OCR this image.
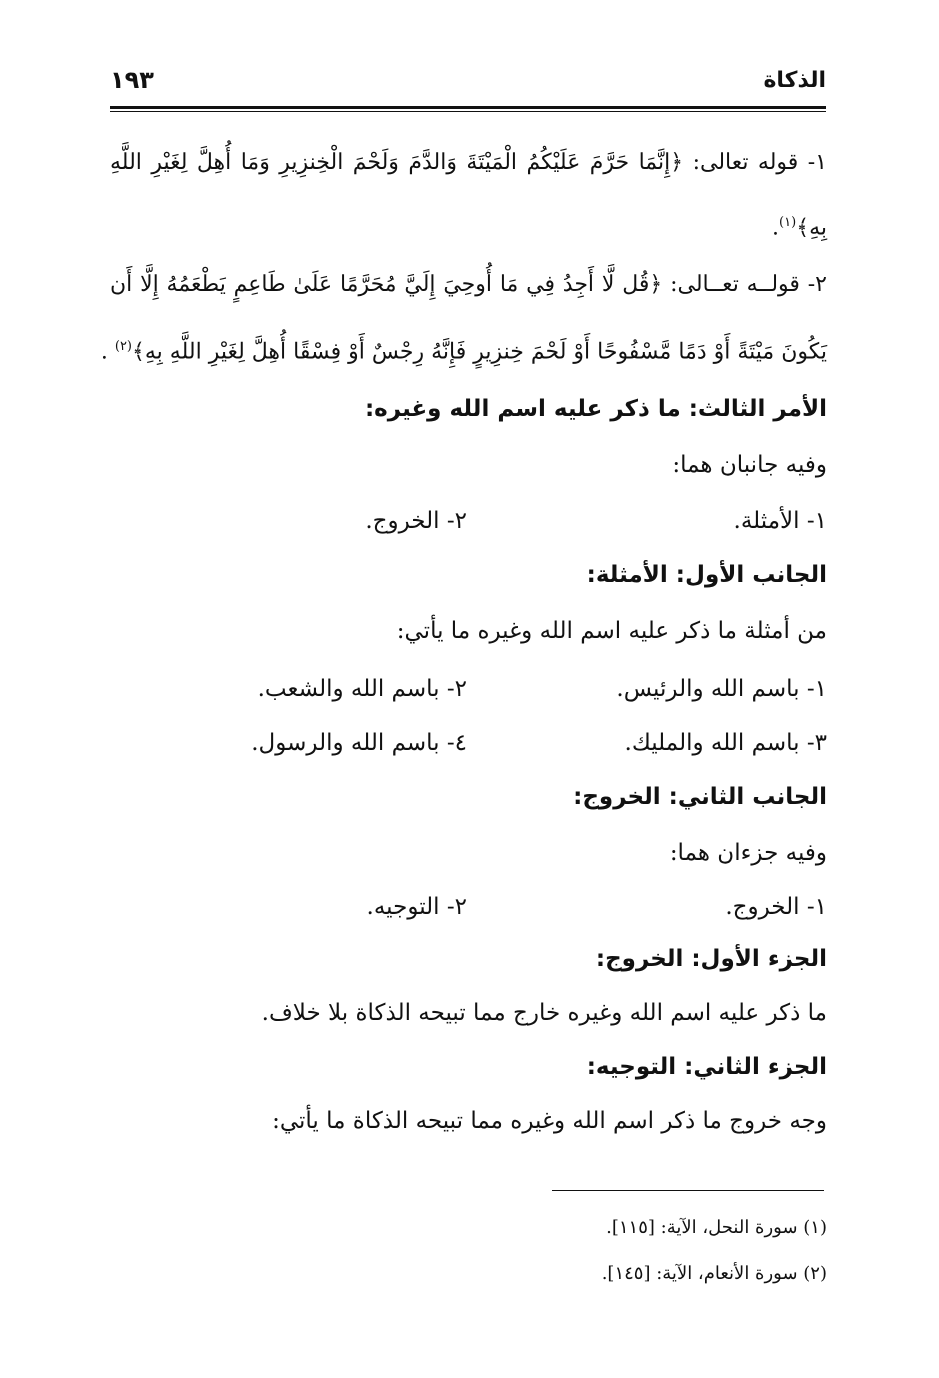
الذكاة
١٩٣
١- قوله تعالى: ﴿إِنَّمَا حَرَّمَ عَلَيْكُمُ الْمَيْتَةَ وَالدَّمَ وَلَحْمَ الْخِنزِيرِ وَمَا أُهِلَّ لِغَيْرِ اللَّهِ
بِهِ﴾$^{(١)}$.
٢- قولــه تعــالى: ﴿قُل لَّا أَجِدُ فِي مَا أُوحِيَ إِلَيَّ مُحَرَّمًا عَلَىٰ طَاعِمٍ يَطْعَمُهُ إِلَّا أَن
يَكُونَ مَيْتَةً أَوْ دَمًا مَّسْفُوحًا أَوْ لَحْمَ خِنزِيرٍ فَإِنَّهُ رِجْسٌ أَوْ فِسْقًا أُهِلَّ لِغَيْرِ اللَّهِ بِهِ﴾$^{(٢)}$ .
الأمر الثالث: ما ذكر عليه اسم الله وغيره:
وفيه جانبان هما:
١- الأمثلة.
٢- الخروج.
الجانب الأول: الأمثلة:
من أمثلة ما ذكر عليه اسم الله وغيره ما يأتي:
١- باسم الله والرئيس.
٢- باسم الله والشعب.
٣- باسم الله والمليك.
٤- باسم الله والرسول.
الجانب الثاني: الخروج:
وفيه جزءان هما:
١- الخروج.
٢- التوجيه.
الجزء الأول: الخروج:
ما ذكر عليه اسم الله وغيره خارج مما تبيحه الذكاة بلا خلاف.
الجزء الثاني: التوجيه:
وجه خروج ما ذكر اسم الله وغيره مما تبيحه الذكاة ما يأتي:
(١) سورة النحل، الآية: [١١٥].
(٢) سورة الأنعام، الآية: [١٤٥].
